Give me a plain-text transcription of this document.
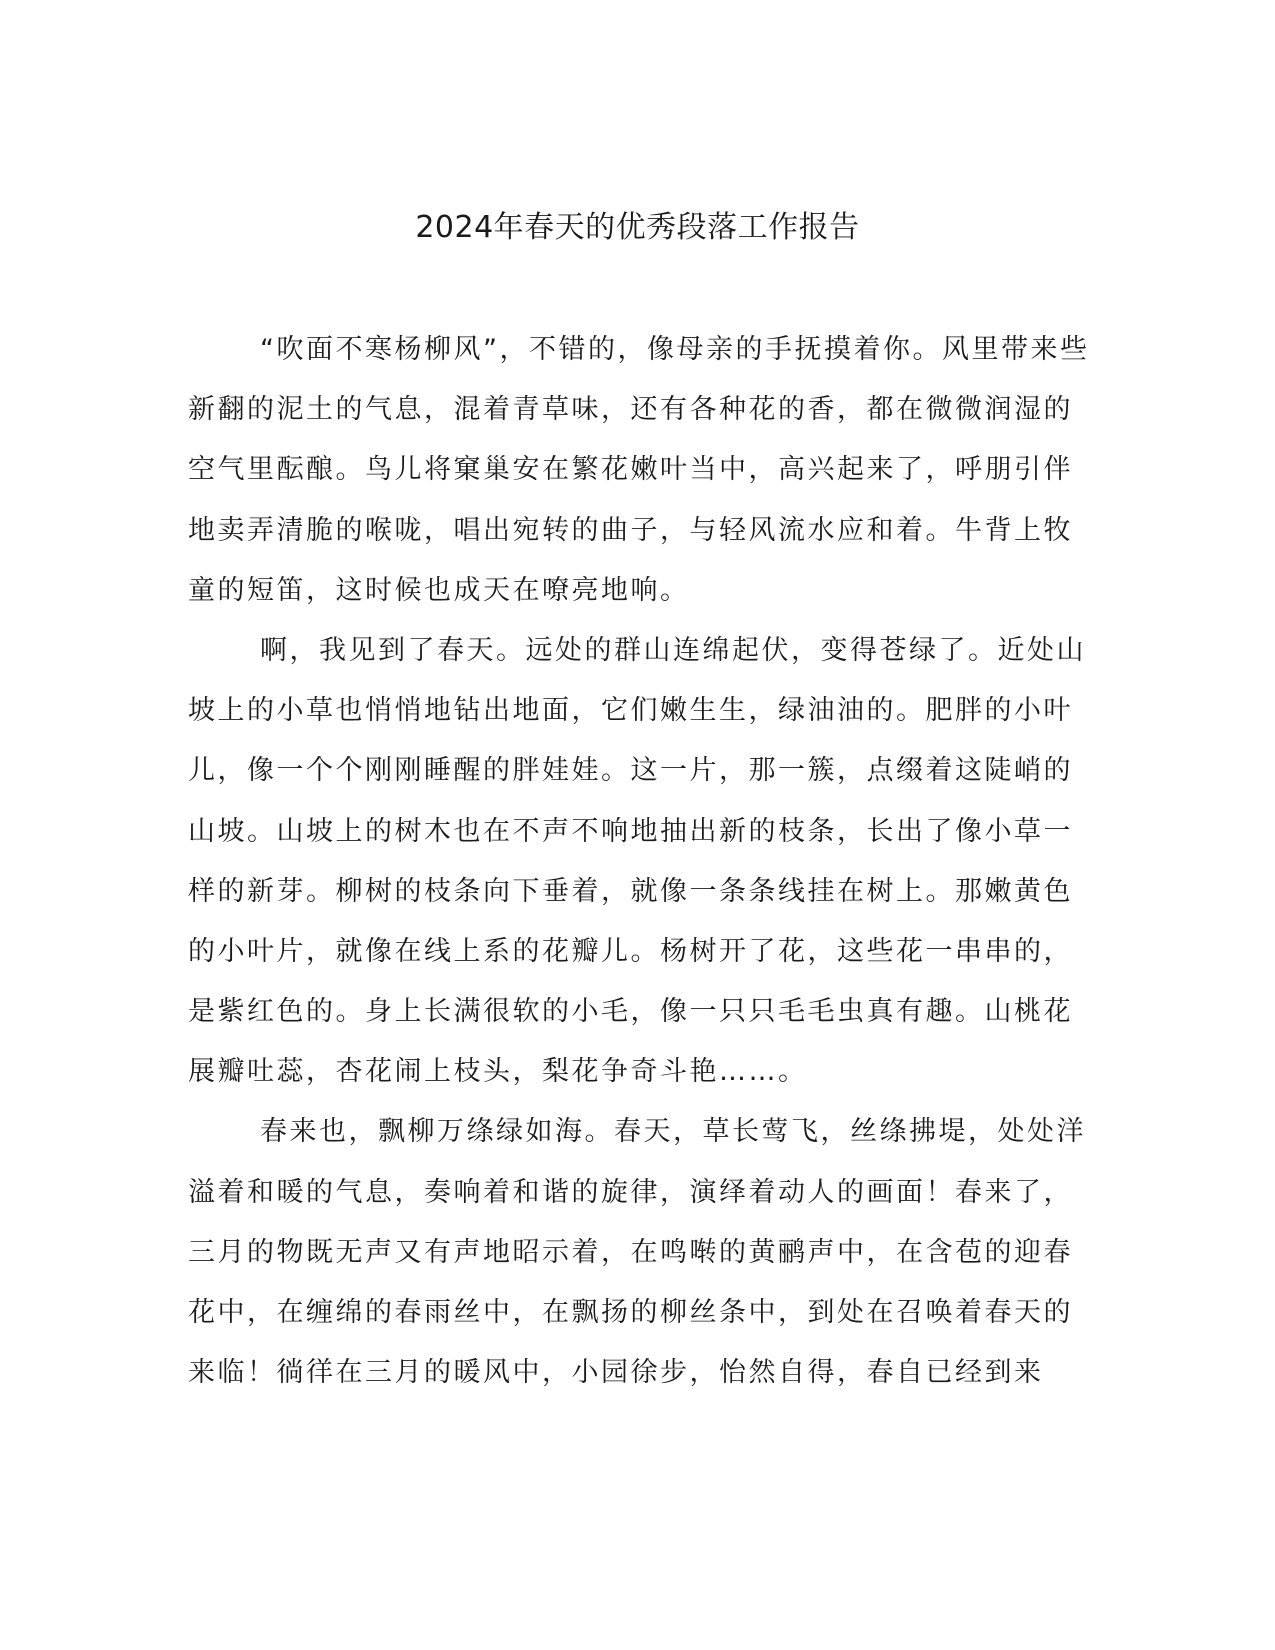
2024年春天的优秀段落工作报告
“吹面不寒杨柳风”，不错的，像母亲的手抚摸着你。风里带来些
新翻的泥土的气息，混着青草味，还有各种花的香，都在微微润湿的
空气里酝酿。鸟儿将窠巢安在繁花嫩叶当中，高兴起来了，呼朋引伴
地卖弄清脆的喉咙，唱出宛转的曲子，与轻风流水应和着。牛背上牧
童的短笛，这时候也成天在嘹亮地响。
啊，我见到了春天。远处的群山连绵起伏，变得苍绿了。近处山
坡上的小草也悄悄地钻出地面，它们嫩生生，绿油油的。肥胖的小叶
儿，像一个个刚刚睡醒的胖娃娃。这一片，那一簇，点缀着这陡峭的
山坡。山坡上的树木也在不声不响地抽出新的枝条，长出了像小草一
样的新芽。柳树的枝条向下垂着，就像一条条线挂在树上。那嫩黄色
的小叶片，就像在线上系的花瓣儿。杨树开了花，这些花一串串的，
是紫红色的。身上长满很软的小毛，像一只只毛毛虫真有趣。山桃花
展瓣吐蕊，杏花闹上枝头，梨花争奇斗艳……。
春来也，飘柳万绦绿如海。春天，草长莺飞，丝绦拂堤，处处洋
溢着和暖的气息，奏响着和谐的旋律，演绎着动人的画面！春来了，
三月的物既无声又有声地昭示着，在鸣啭的黄鹂声中，在含苞的迎春
花中，在缠绵的春雨丝中，在飘扬的柳丝条中，到处在召唤着春天的
来临！徜徉在三月的暖风中，小园徐步，怡然自得，春自已经到来
